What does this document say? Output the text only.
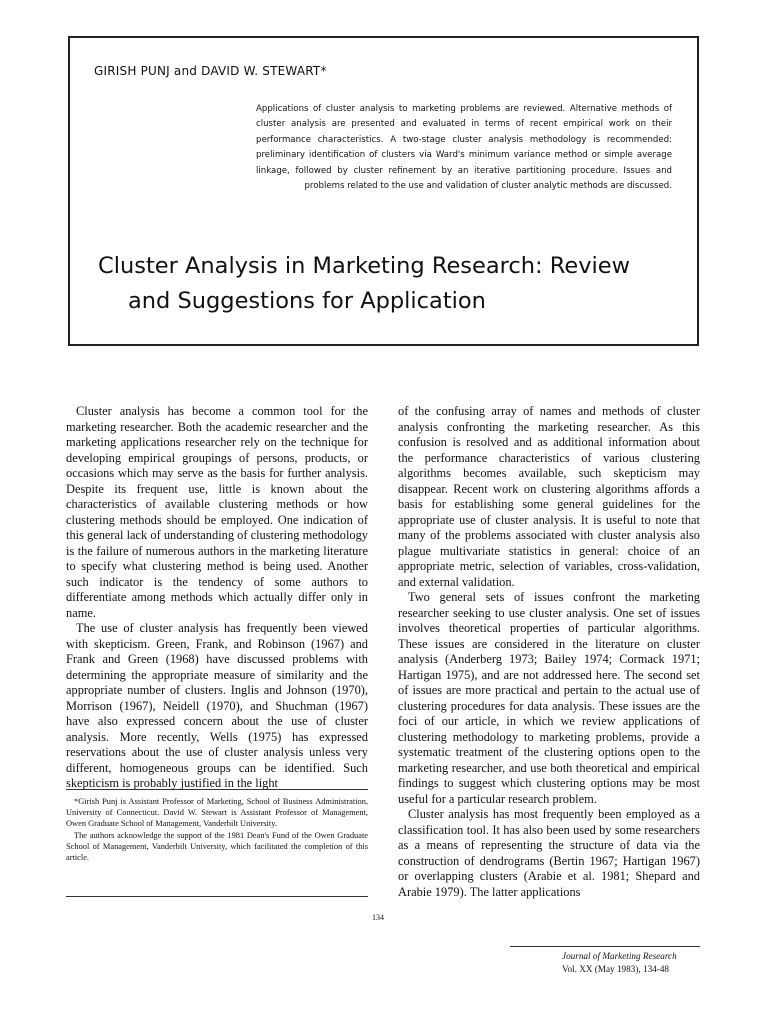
GIRISH PUNJ and DAVID W. STEWART*
Applications of cluster analysis to marketing problems are reviewed. Alternative methods of cluster analysis are presented and evaluated in terms of recent empirical work on their performance characteristics. A two-stage cluster analysis methodology is recommended: preliminary identification of clusters via Ward's minimum variance method or simple average linkage, followed by cluster refinement by an iterative partitioning procedure. Issues and problems related to the use and validation of cluster analytic methods are discussed.
Cluster Analysis in Marketing Research: Review
and Suggestions for Application

Cluster analysis has become a common tool for the marketing researcher. Both the academic researcher and the marketing applications researcher rely on the technique for developing empirical groupings of persons, products, or occasions which may serve as the basis for further analysis. Despite its frequent use, little is known about the characteristics of available clustering methods or how clustering methods should be employed. One indication of this general lack of understanding of clustering methodology is the failure of numerous authors in the marketing literature to specify what clustering method is being used. Another such indicator is the tendency of some authors to differentiate among methods which actually differ only in name.

The use of cluster analysis has frequently been viewed with skepticism. Green, Frank, and Robinson (1967) and Frank and Green (1968) have discussed problems with determining the appropriate measure of similarity and the appropriate number of clusters. Inglis and Johnson (1970), Morrison (1967), Neidell (1970), and Shuchman (1967) have also expressed concern about the use of cluster analysis. More recently, Wells (1975) has expressed reservations about the use of cluster analysis unless very different, homogeneous groups can be identified. Such skepticism is probably justified in the light

of the confusing array of names and methods of cluster analysis confronting the marketing researcher. As this confusion is resolved and as additional information about the performance characteristics of various clustering algorithms becomes available, such skepticism may disappear. Recent work on clustering algorithms affords a basis for establishing some general guidelines for the appropriate use of cluster analysis. It is useful to note that many of the problems associated with cluster analysis also plague multivariate statistics in general: choice of an appropriate metric, selection of variables, cross-validation, and external validation.

Two general sets of issues confront the marketing researcher seeking to use cluster analysis. One set of issues involves theoretical properties of particular algorithms. These issues are considered in the literature on cluster analysis (Anderberg 1973; Bailey 1974; Cormack 1971; Hartigan 1975), and are not addressed here. The second set of issues are more practical and pertain to the actual use of clustering procedures for data analysis. These issues are the foci of our article, in which we review applications of clustering methodology to marketing problems, provide a systematic treatment of the clustering options open to the marketing researcher, and use both theoretical and empirical findings to suggest which clustering options may be most useful for a particular research problem.

Cluster analysis has most frequently been employed as a classification tool. It has also been used by some researchers as a means of representing the structure of data via the construction of dendrograms (Bertin 1967; Hartigan 1967) or overlapping clusters (Arabie et al. 1981; Shepard and Arabie 1979). The latter applications

*Girish Punj is Assistant Professor of Marketing, School of Business Administration, University of Connecticut. David W. Stewart is Assistant Professor of Management, Owen Graduate School of Management, Vanderbilt University.

The authors acknowledge the support of the 1981 Dean's Fund of the Owen Graduate School of Management, Vanderbilt University, which facilitated the completion of this article.

134
Journal of Marketing Research
Vol. XX (May 1983), 134-48
